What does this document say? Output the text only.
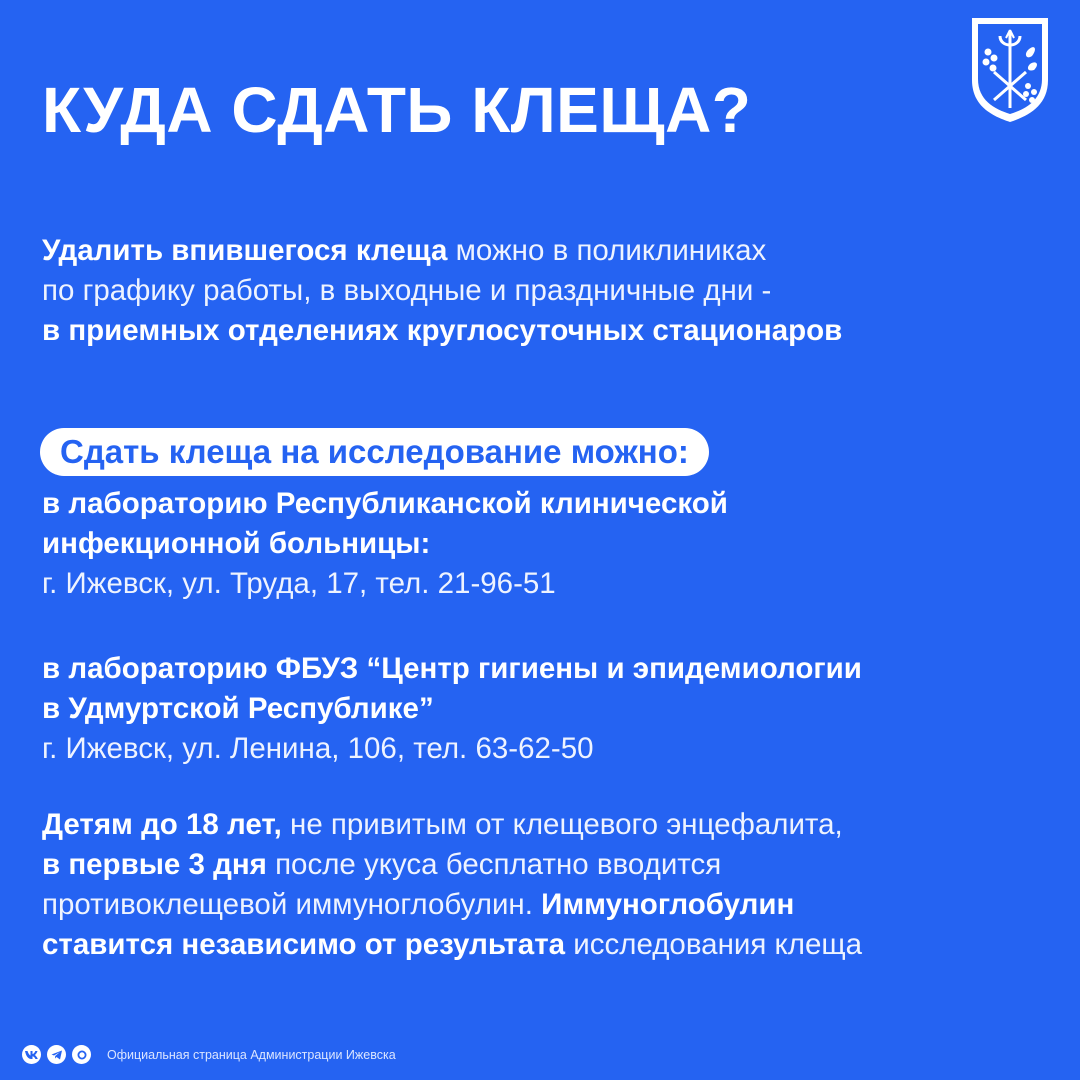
КУДА СДАТЬ КЛЕЩА?
Удалить впившегося клеща можно в поликлиниках
по графику работы, в выходные и праздничные дни -
в приемных отделениях круглосуточных стационаров
Сдать клеща на исследование можно:
в лабораторию Республиканской клинической
инфекционной больницы:
г. Ижевск, ул. Труда, 17, тел. 21-96-51
в лабораторию ФБУЗ “Центр гигиены и эпидемиологии
в Удмуртской Республике”
г. Ижевск, ул. Ленина, 106, тел. 63-62-50
Детям до 18 лет, не привитым от клещевого энцефалита,
в первые 3 дня после укуса бесплатно вводится
противоклещевой иммуноглобулин. Иммуноглобулин
ставится независимо от результата исследования клеща
Официальная страница Администрации Ижевска
